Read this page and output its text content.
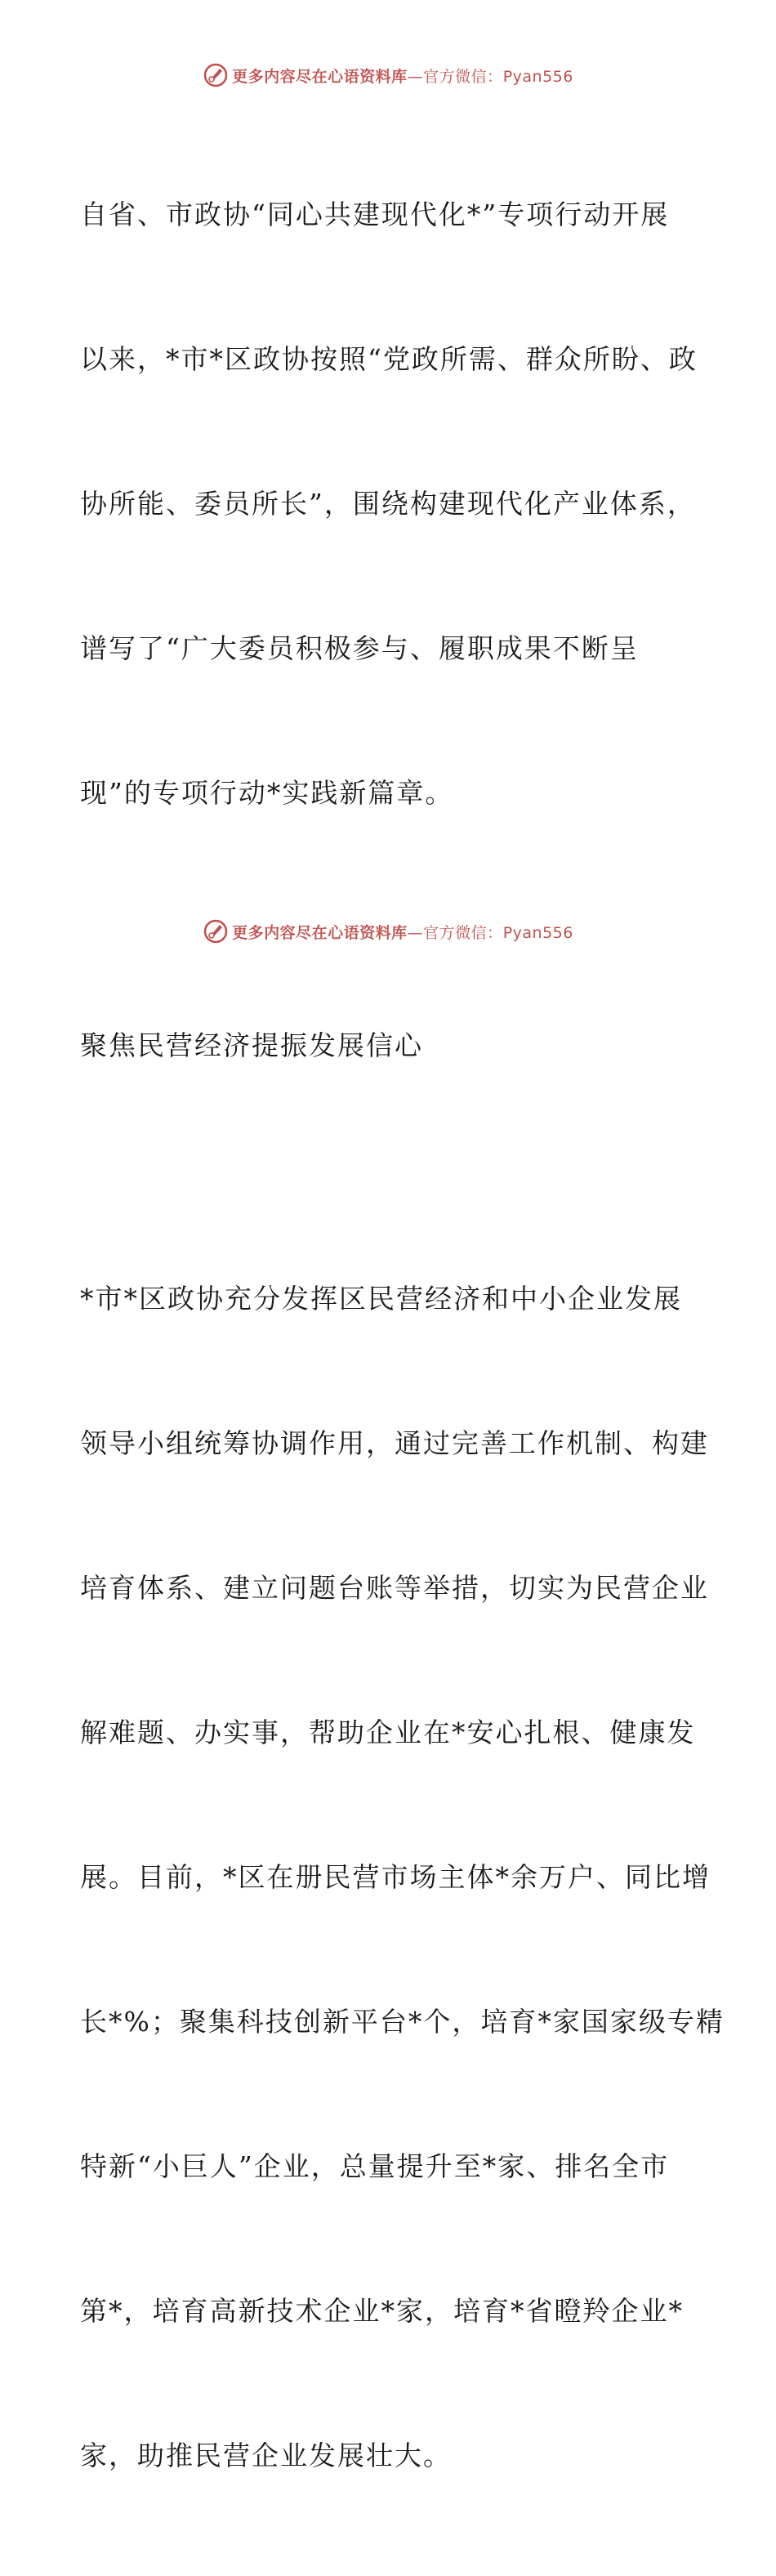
更多内容尽在心语资料库—官方微信：Pyan556

自省、市政协“同心共建现代化*”专项行动开展

以来，*市*区政协按照“党政所需、群众所盼、政

协所能、委员所长”，围绕构建现代化产业体系，

谱写了“广大委员积极参与、履职成果不断呈

现”的专项行动*实践新篇章。

聚焦民营经济提振发展信心

*市*区政协充分发挥区民营经济和中小企业发展

领导小组统筹协调作用，通过完善工作机制、构建

培育体系、建立问题台账等举措，切实为民营企业

解难题、办实事，帮助企业在*安心扎根、健康发

展。目前，*区在册民营市场主体*余万户、同比增

长*%；聚集科技创新平台*个，培育*家国家级专精

特新“小巨人”企业，总量提升至*家、排名全市

第*，培育高新技术企业*家，培育*省瞪羚企业*

家，助推民营企业发展壮大。

更多内容尽在心语资料库—官方微信：Pyan556
